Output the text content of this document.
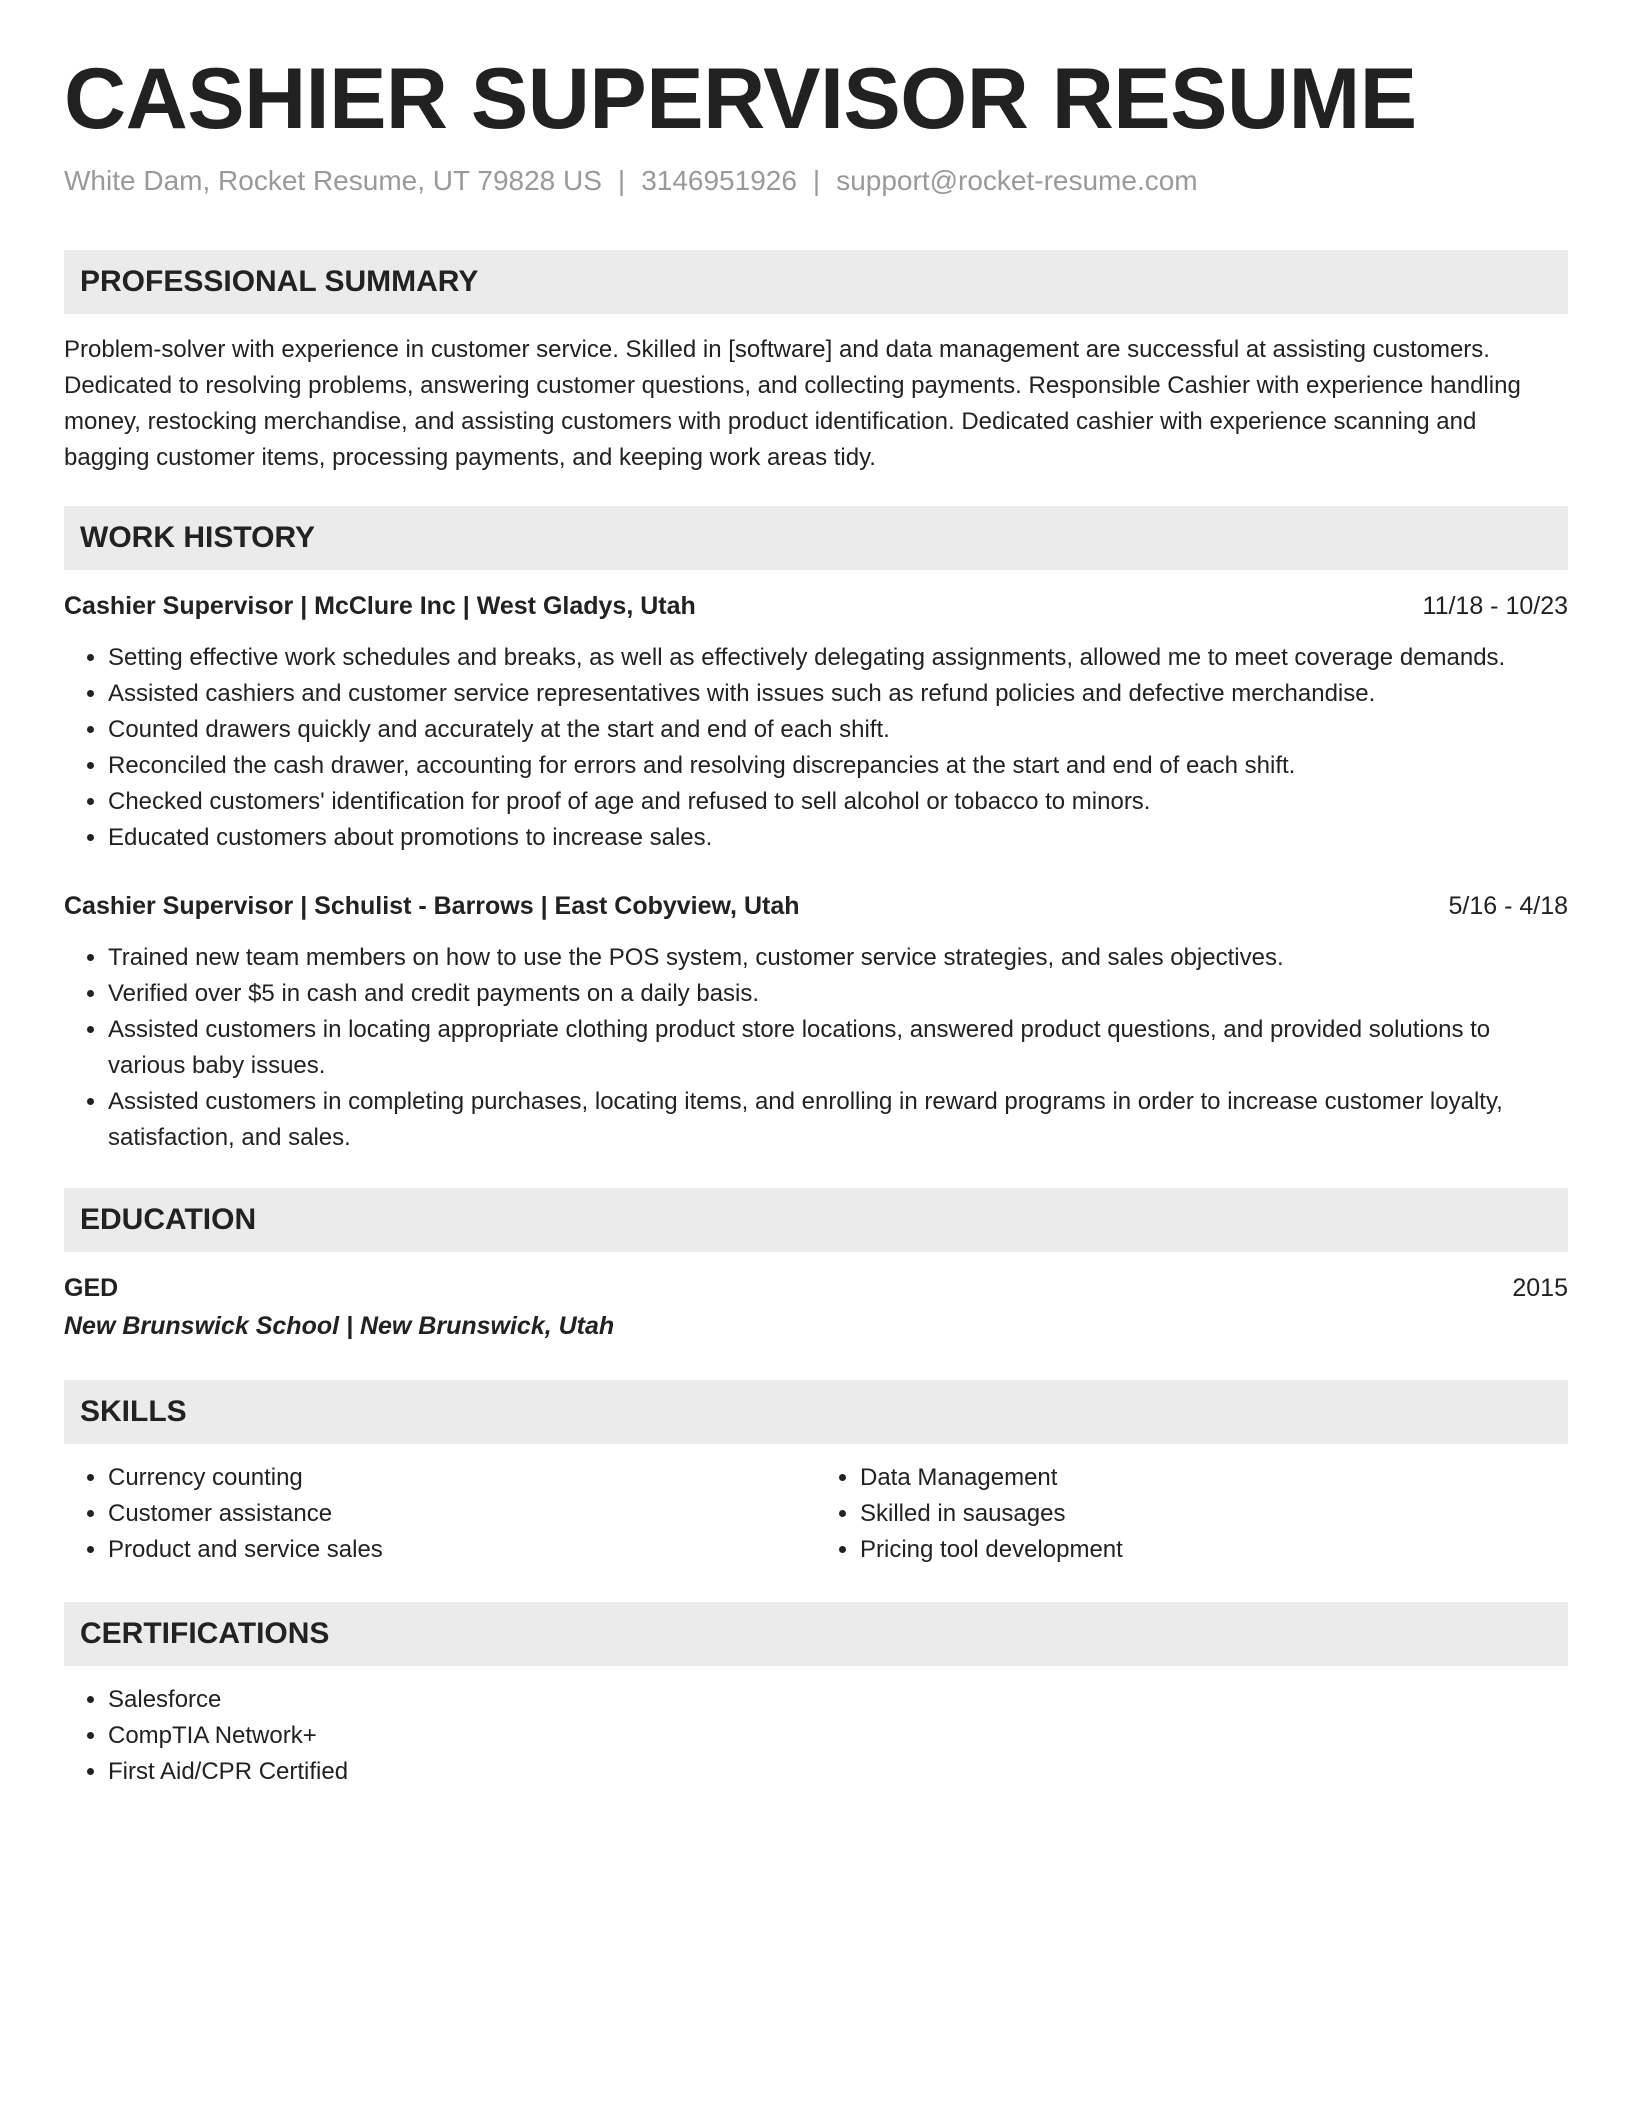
CASHIER SUPERVISOR RESUME
White Dam, Rocket Resume, UT 79828 US | 3146951926 | support@rocket-resume.com
PROFESSIONAL SUMMARY

Problem-solver with experience in customer service. Skilled in [software] and data management are successful at assisting customers. Dedicated to resolving problems, answering customer questions, and collecting payments. Responsible Cashier with experience handling money, restocking merchandise, and assisting customers with product identification. Dedicated cashier with experience scanning and bagging customer items, processing payments, and keeping work areas tidy.

WORK HISTORY
Cashier Supervisor | McClure Inc | West Gladys, Utah	11/18 - 10/23
• Setting effective work schedules and breaks, as well as effectively delegating assignments, allowed me to meet coverage demands.
• Assisted cashiers and customer service representatives with issues such as refund policies and defective merchandise.
• Counted drawers quickly and accurately at the start and end of each shift.
• Reconciled the cash drawer, accounting for errors and resolving discrepancies at the start and end of each shift.
• Checked customers' identification for proof of age and refused to sell alcohol or tobacco to minors.
• Educated customers about promotions to increase sales.
Cashier Supervisor | Schulist - Barrows | East Cobyview, Utah	5/16 - 4/18
• Trained new team members on how to use the POS system, customer service strategies, and sales objectives.
• Verified over $5 in cash and credit payments on a daily basis.
• Assisted customers in locating appropriate clothing product store locations, answered product questions, and provided solutions to various baby issues.
• Assisted customers in completing purchases, locating items, and enrolling in reward programs in order to increase customer loyalty, satisfaction, and sales.
EDUCATION
GED	2015
New Brunswick School | New Brunswick, Utah
SKILLS
• Currency counting
• Customer assistance
• Product and service sales
• Data Management
• Skilled in sausages
• Pricing tool development
CERTIFICATIONS
• Salesforce
• CompTIA Network+
• First Aid/CPR Certified
